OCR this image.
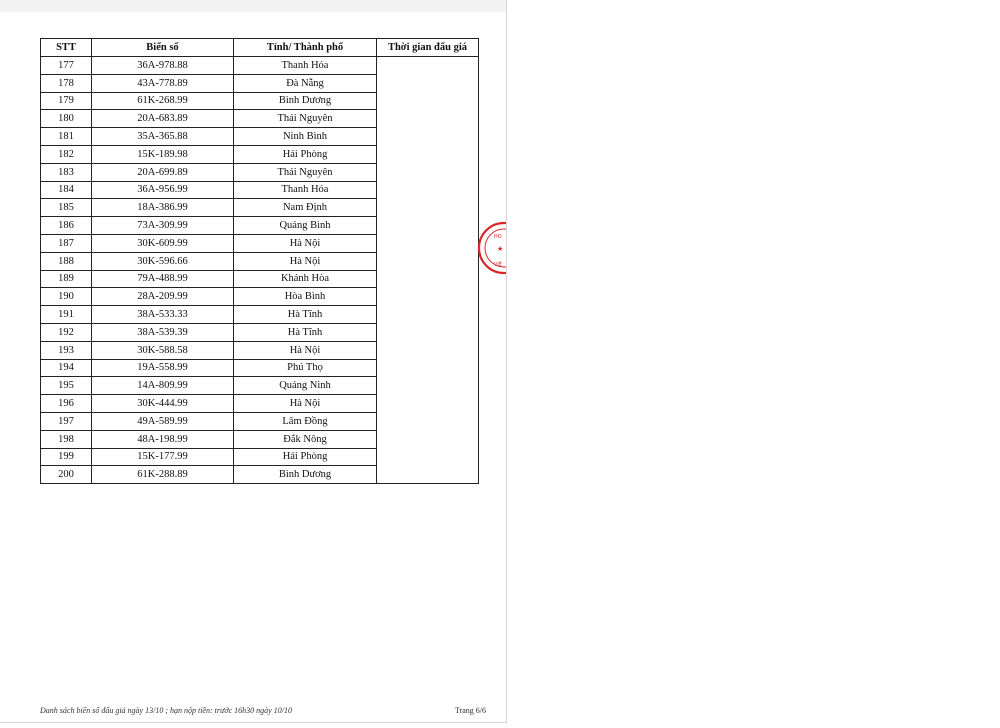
STT	Biển số	Tỉnh/ Thành phố	Thời gian đấu giá
177	36A-978.88	Thanh Hóa	
178	43A-778.89	Đà Nẵng	
179	61K-268.99	Bình Dương	
180	20A-683.89	Thái Nguyên	
181	35A-365.88	Ninh Bình	
182	15K-189.98	Hải Phòng	
183	20A-699.89	Thái Nguyên	
184	36A-956.99	Thanh Hóa	
185	18A-386.99	Nam Định	
186	73A-309.99	Quảng Bình	
187	30K-609.99	Hà Nội	
188	30K-596.66	Hà Nội	
189	79A-488.99	Khánh Hòa	
190	28A-209.99	Hòa Bình	
191	38A-533.33	Hà Tĩnh	
192	38A-539.39	Hà Tĩnh	
193	30K-588.58	Hà Nội	
194	19A-558.99	Phú Thọ	
195	14A-809.99	Quảng Ninh	
196	30K-444.99	Hà Nội	
197	49A-589.99	Lâm Đồng	
198	48A-198.99	Đắk Nông	
199	15K-177.99	Hải Phòng	
200	61K-288.89	Bình Dương	
HO
VIỆ
★
Danh sách biển số đấu giá ngày 13/10 ; hạn nộp tiền: trước 16h30 ngày 10/10	Trang 6/6
